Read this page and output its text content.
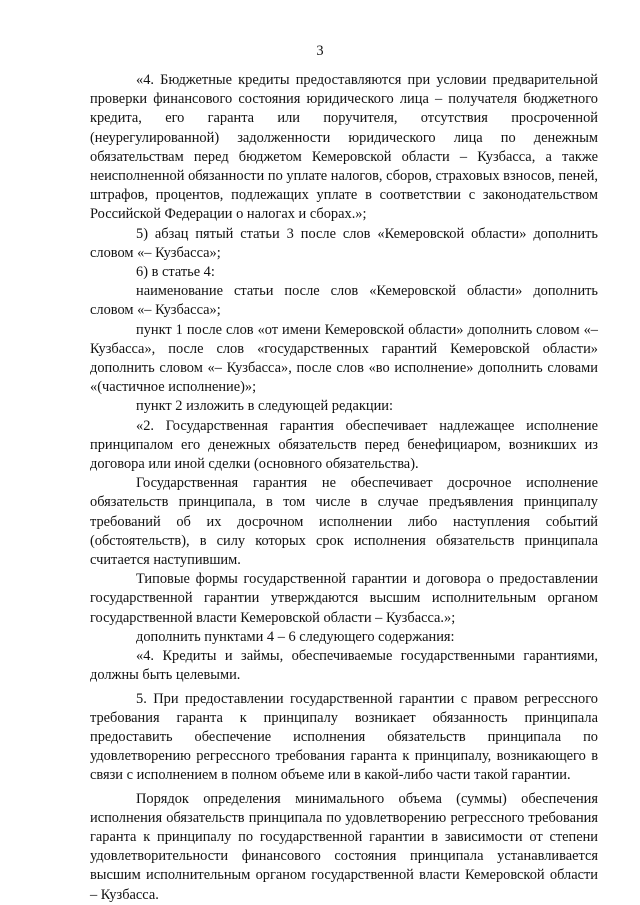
3

«4. Бюджетные кредиты предоставляются при условии предварительной проверки финансового состояния юридического лица – получателя бюджетного кредита, его гаранта или поручителя, отсутствия просроченной (неурегулированной) задолженности юридического лица по денежным обязательствам перед бюджетом Кемеровской области – Кузбасса, а также неисполненной обязанности по уплате налогов, сборов, страховых взносов, пеней, штрафов, процентов, подлежащих уплате в соответствии с законодательством Российской Федерации о налогах и сборах.»;

5) абзац пятый статьи 3 после слов «Кемеровской области» дополнить словом «– Кузбасса»;

6) в статье 4:

наименование статьи после слов «Кемеровской области» дополнить словом «– Кузбасса»;

пункт 1 после слов «от имени Кемеровской области» дополнить словом «– Кузбасса», после слов «государственных гарантий Кемеровской области» дополнить словом «– Кузбасса», после слов «во исполнение» дополнить словами «(частичное исполнение)»;

пункт 2 изложить в следующей редакции:

«2. Государственная гарантия обеспечивает надлежащее исполнение принципалом его денежных обязательств перед бенефициаром, возникших из договора или иной сделки (основного обязательства).

Государственная гарантия не обеспечивает досрочное исполнение обязательств принципала, в том числе в случае предъявления принципалу требований об их досрочном исполнении либо наступления событий (обстоятельств), в силу которых срок исполнения обязательств принципала считается наступившим.

Типовые формы государственной гарантии и договора о предоставлении государственной гарантии утверждаются высшим исполнительным органом государственной власти Кемеровской области – Кузбасса.»;

дополнить пунктами 4 – 6 следующего содержания:

«4. Кредиты и займы, обеспечиваемые государственными гарантиями, должны быть целевыми.

5. При предоставлении государственной гарантии с правом регрессного требования гаранта к принципалу возникает обязанность принципала предоставить обеспечение исполнения обязательств принципала по удовлетворению регрессного требования гаранта к принципалу, возникающего в связи с исполнением в полном объеме или в какой-либо части такой гарантии.

Порядок определения минимального объема (суммы) обеспечения исполнения обязательств принципала по удовлетворению регрессного требования гаранта к принципалу по государственной гарантии в зависимости от степени удовлетворительности финансового состояния принципала устанавливается высшим исполнительным органом государственной власти Кемеровской области – Кузбасса.
